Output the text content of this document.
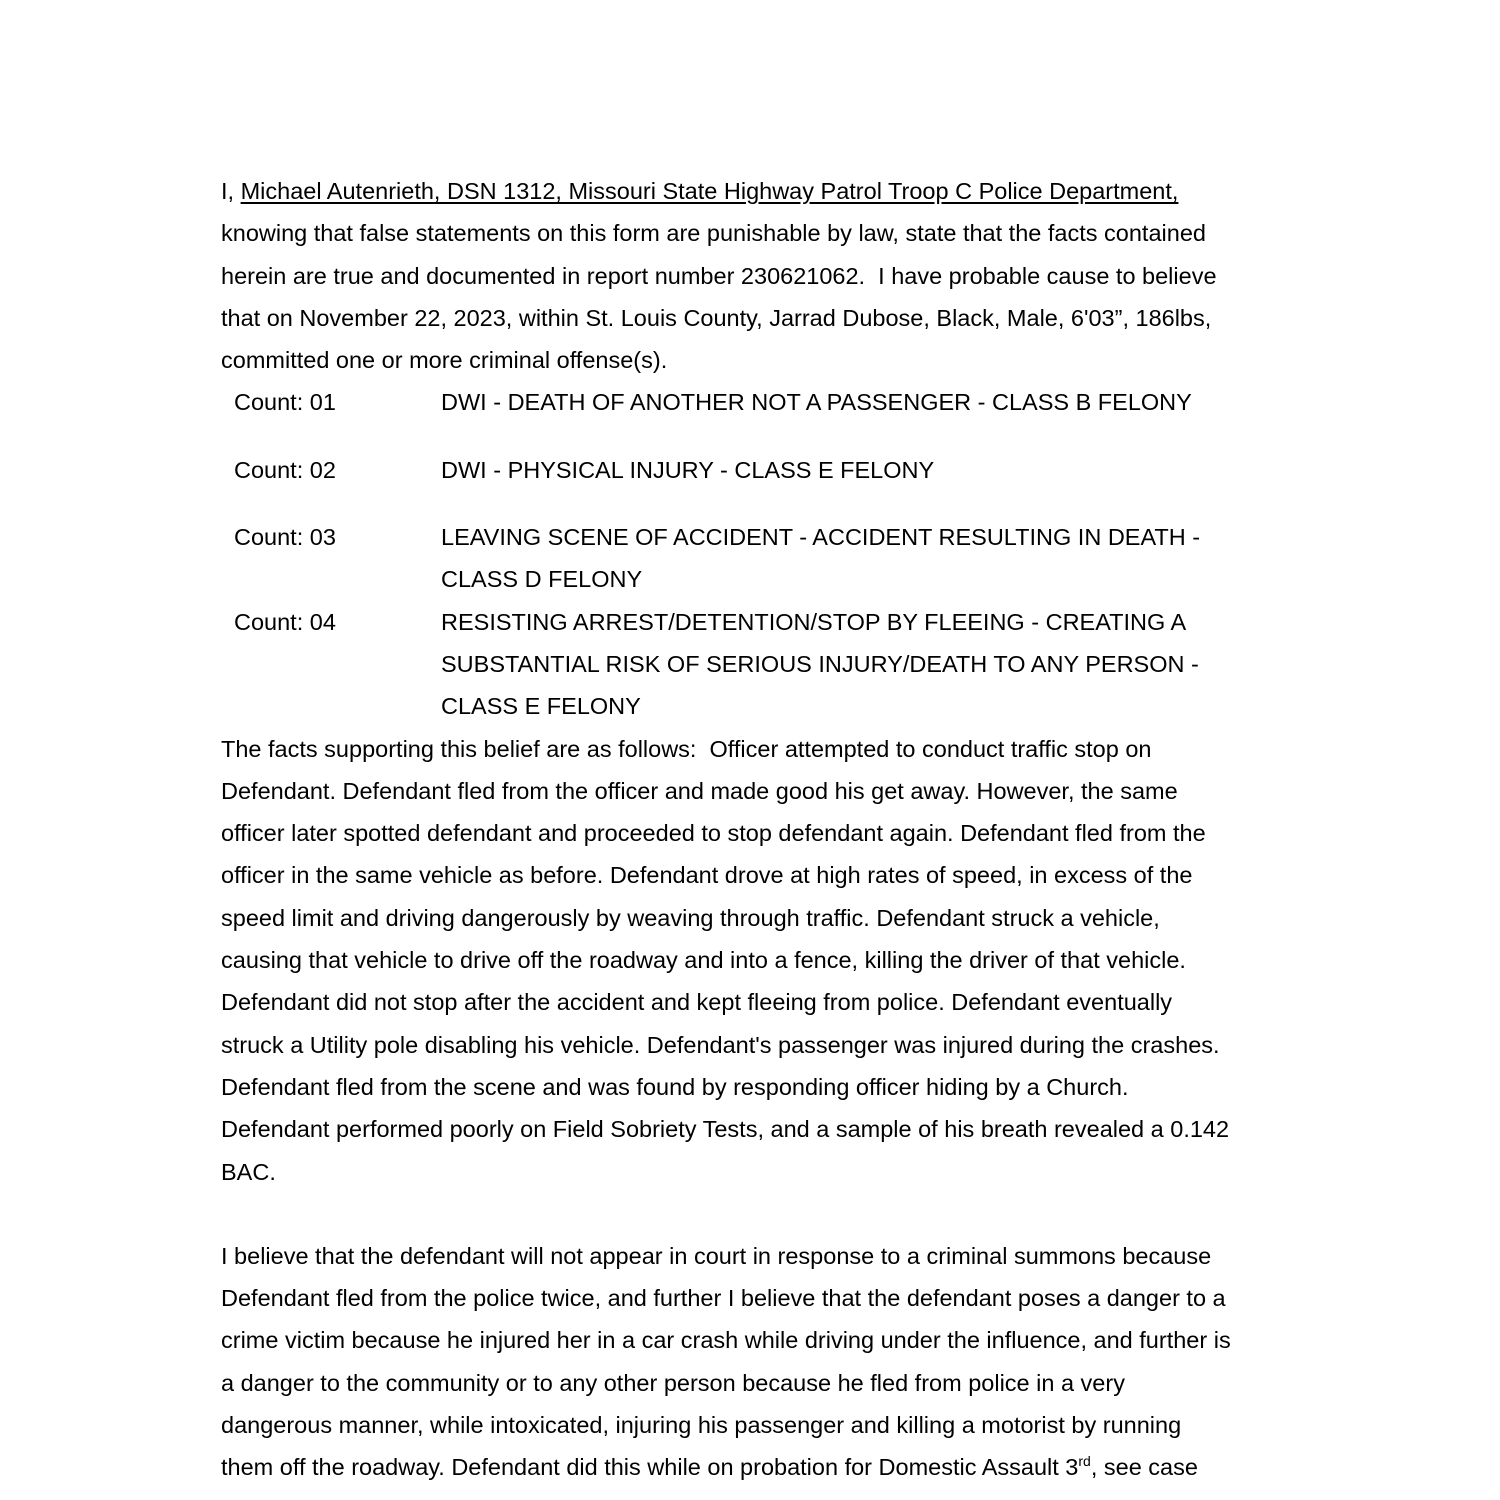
I, Michael Autenrieth, DSN 1312, Missouri State Highway Patrol Troop C Police Department,
knowing that false statements on this form are punishable by law, state that the facts contained
herein are true and documented in report number 230621062.  I have probable cause to believe
that on November 22, 2023, within St. Louis County, Jarrad Dubose, Black, Male, 6'03”, 186lbs,
committed one or more criminal offense(s).
Count: 01	DWI - DEATH OF ANOTHER NOT A PASSENGER - CLASS B FELONY
Count: 02	DWI - PHYSICAL INJURY - CLASS E FELONY
Count: 03	LEAVING SCENE OF ACCIDENT - ACCIDENT RESULTING IN DEATH -
CLASS D FELONY
Count: 04	RESISTING ARREST/DETENTION/STOP BY FLEEING - CREATING A
SUBSTANTIAL RISK OF SERIOUS INJURY/DEATH TO ANY PERSON -
CLASS E FELONY
The facts supporting this belief are as follows:  Officer attempted to conduct traffic stop on
Defendant. Defendant fled from the officer and made good his get away. However, the same
officer later spotted defendant and proceeded to stop defendant again. Defendant fled from the
officer in the same vehicle as before. Defendant drove at high rates of speed, in excess of the
speed limit and driving dangerously by weaving through traffic. Defendant struck a vehicle,
causing that vehicle to drive off the roadway and into a fence, killing the driver of that vehicle.
Defendant did not stop after the accident and kept fleeing from police. Defendant eventually
struck a Utility pole disabling his vehicle. Defendant's passenger was injured during the crashes.
Defendant fled from the scene and was found by responding officer hiding by a Church.
Defendant performed poorly on Field Sobriety Tests, and a sample of his breath revealed a 0.142
BAC.
I believe that the defendant will not appear in court in response to a criminal summons because
Defendant fled from the police twice, and further I believe that the defendant poses a danger to a
crime victim because he injured her in a car crash while driving under the influence, and further is
a danger to the community or to any other person because he fled from police in a very
dangerous manner, while intoxicated, injuring his passenger and killing a motorist by running
them off the roadway. Defendant did this while on probation for Domestic Assault 3rd, see case
